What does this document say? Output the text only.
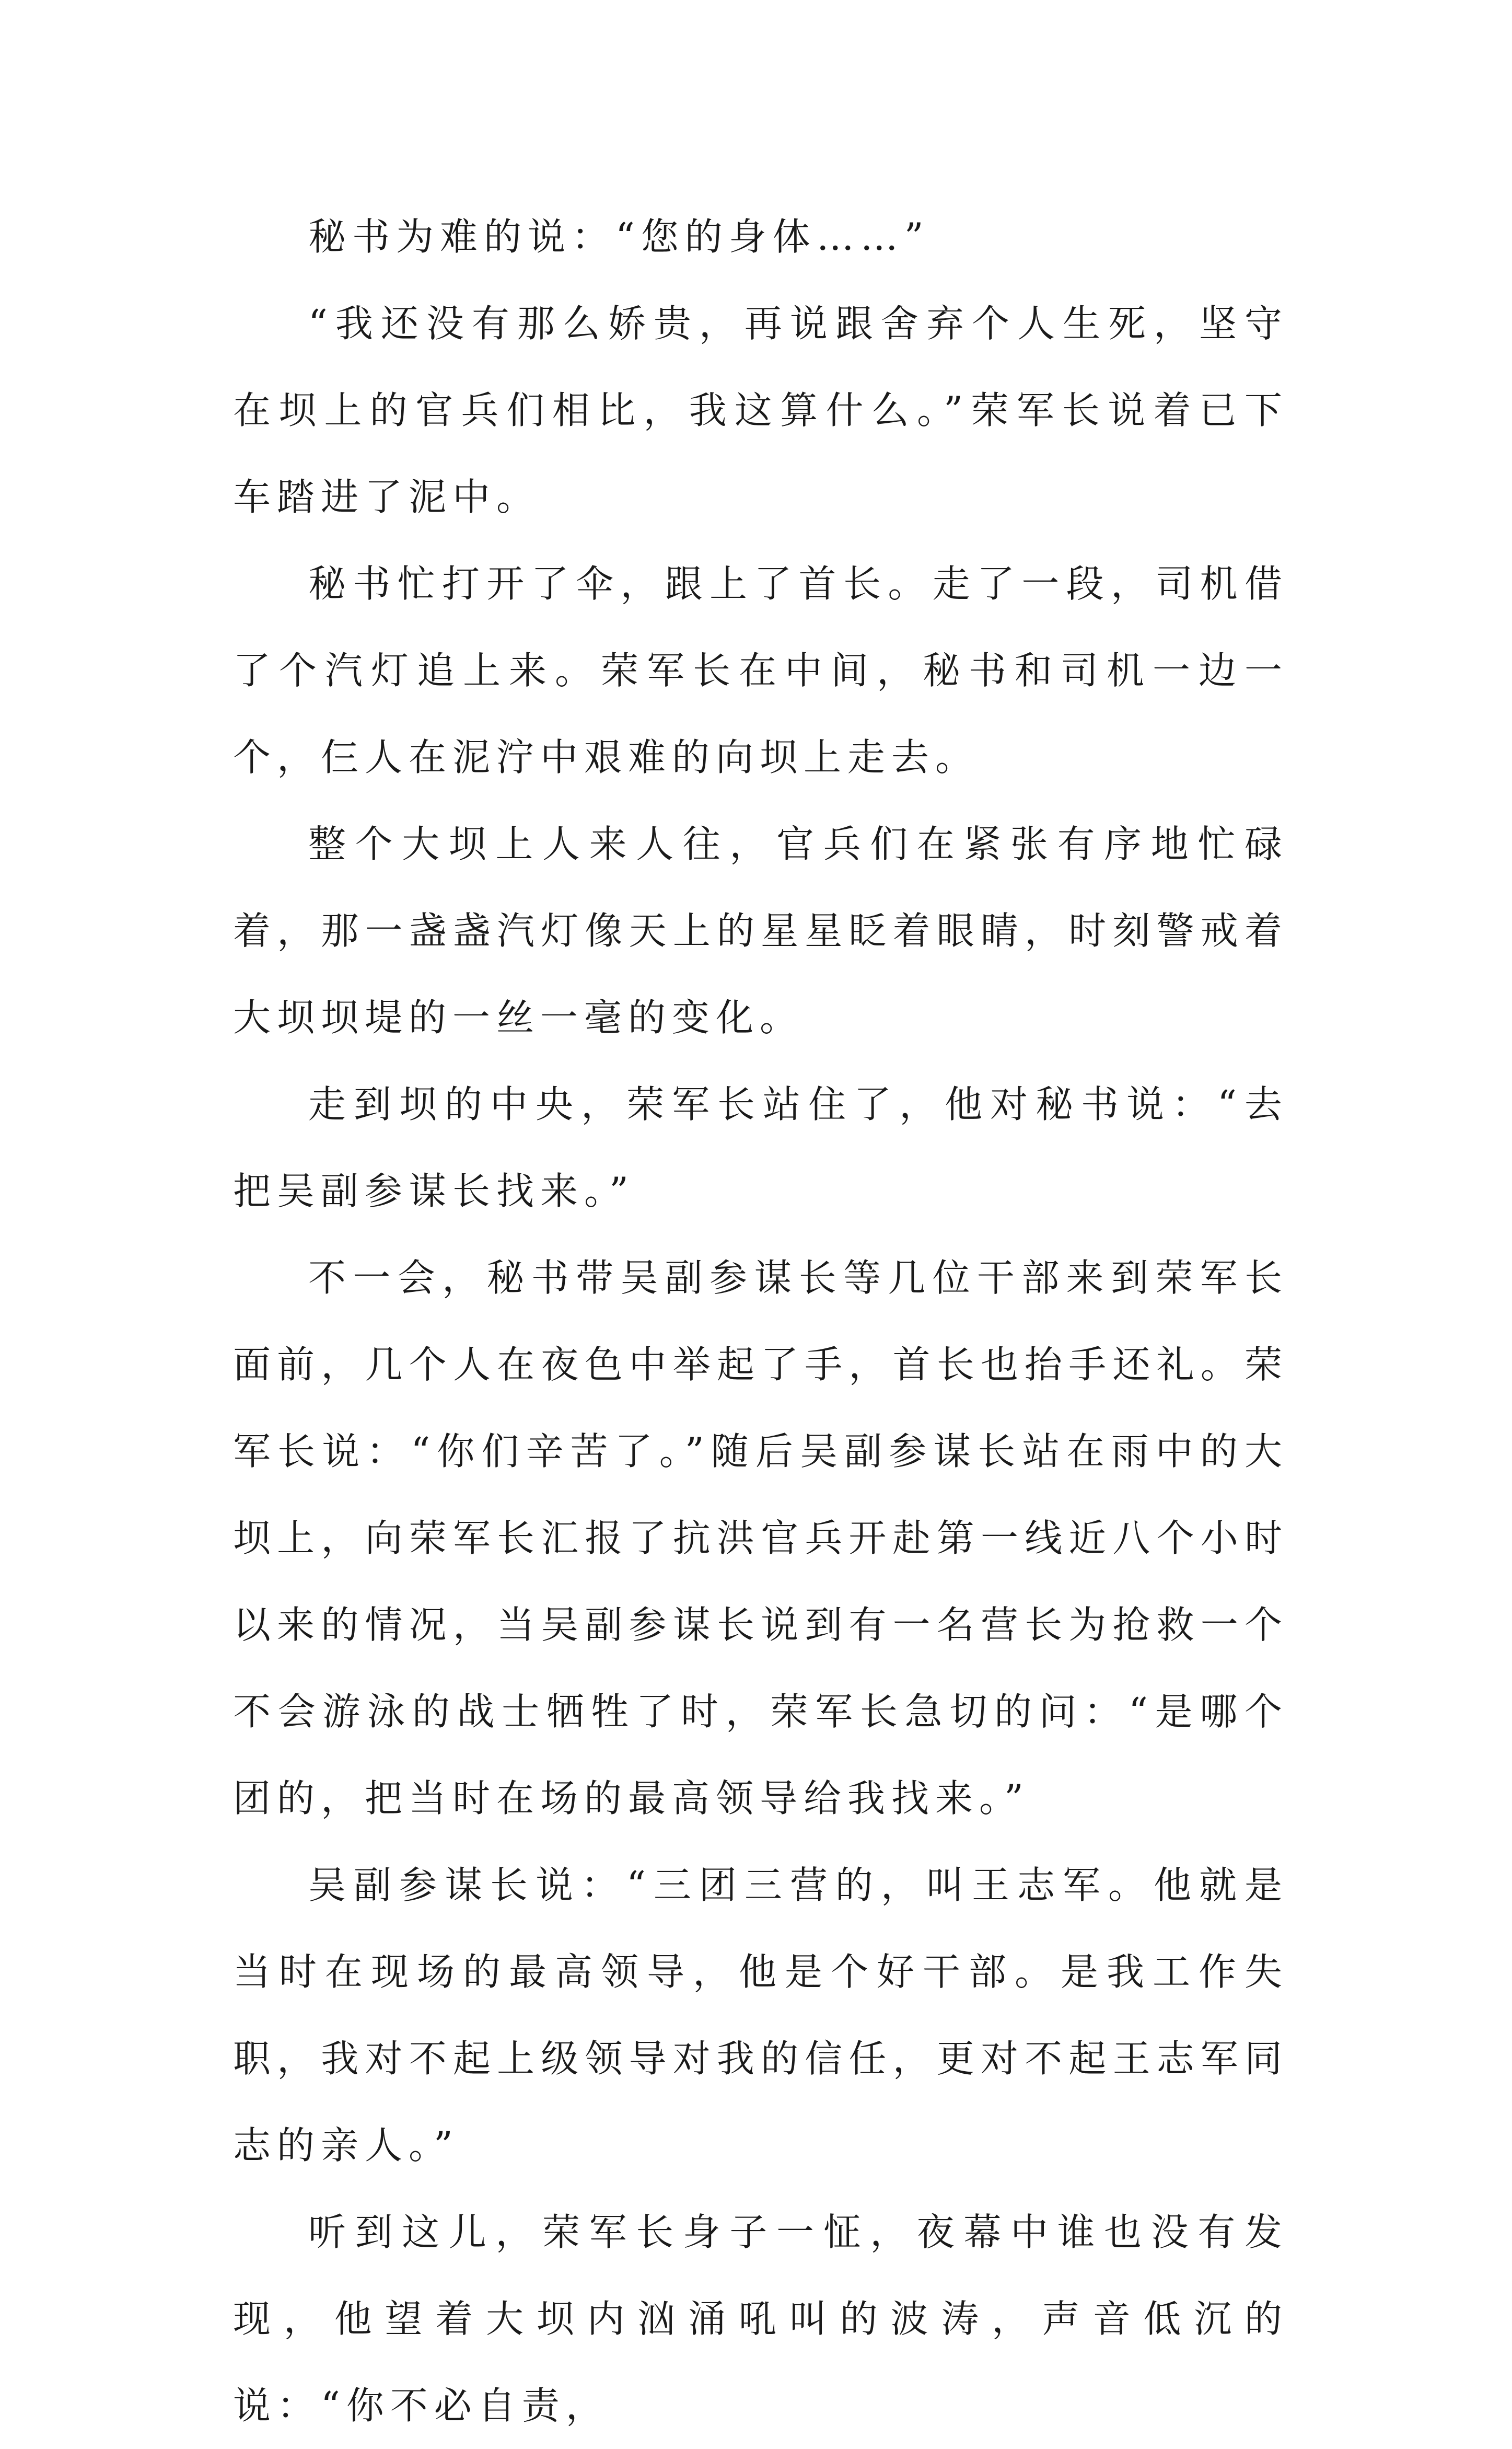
秘书为难的说：“您的身体……”

“我还没有那么娇贵，再说跟舍弃个人生死，坚守在坝上的官兵们相比，我这算什么。”荣军长说着已下车踏进了泥中。

秘书忙打开了伞，跟上了首长。走了一段，司机借了个汽灯追上来。荣军长在中间，秘书和司机一边一个，仨人在泥泞中艰难的向坝上走去。

整个大坝上人来人往，官兵们在紧张有序地忙碌着，那一盏盏汽灯像天上的星星眨着眼睛，时刻警戒着大坝坝堤的一丝一毫的变化。

走到坝的中央，荣军长站住了，他对秘书说：“去把吴副参谋长找来。”

不一会，秘书带吴副参谋长等几位干部来到荣军长面前，几个人在夜色中举起了手，首长也抬手还礼。荣军长说：“你们辛苦了。”随后吴副参谋长站在雨中的大坝上，向荣军长汇报了抗洪官兵开赴第一线近八个小时以来的情况，当吴副参谋长说到有一名营长为抢救一个不会游泳的战士牺牲了时，荣军长急切的问：“是哪个团的，把当时在场的最高领导给我找来。”

吴副参谋长说：“三团三营的，叫王志军。他就是当时在现场的最高领导，他是个好干部。是我工作失职，我对不起上级领导对我的信任，更对不起王志军同志的亲人。”

听到这儿，荣军长身子一怔，夜幕中谁也没有发现，他望着大坝内汹涌吼叫的波涛，声音低沉的说：“你不必自责，
